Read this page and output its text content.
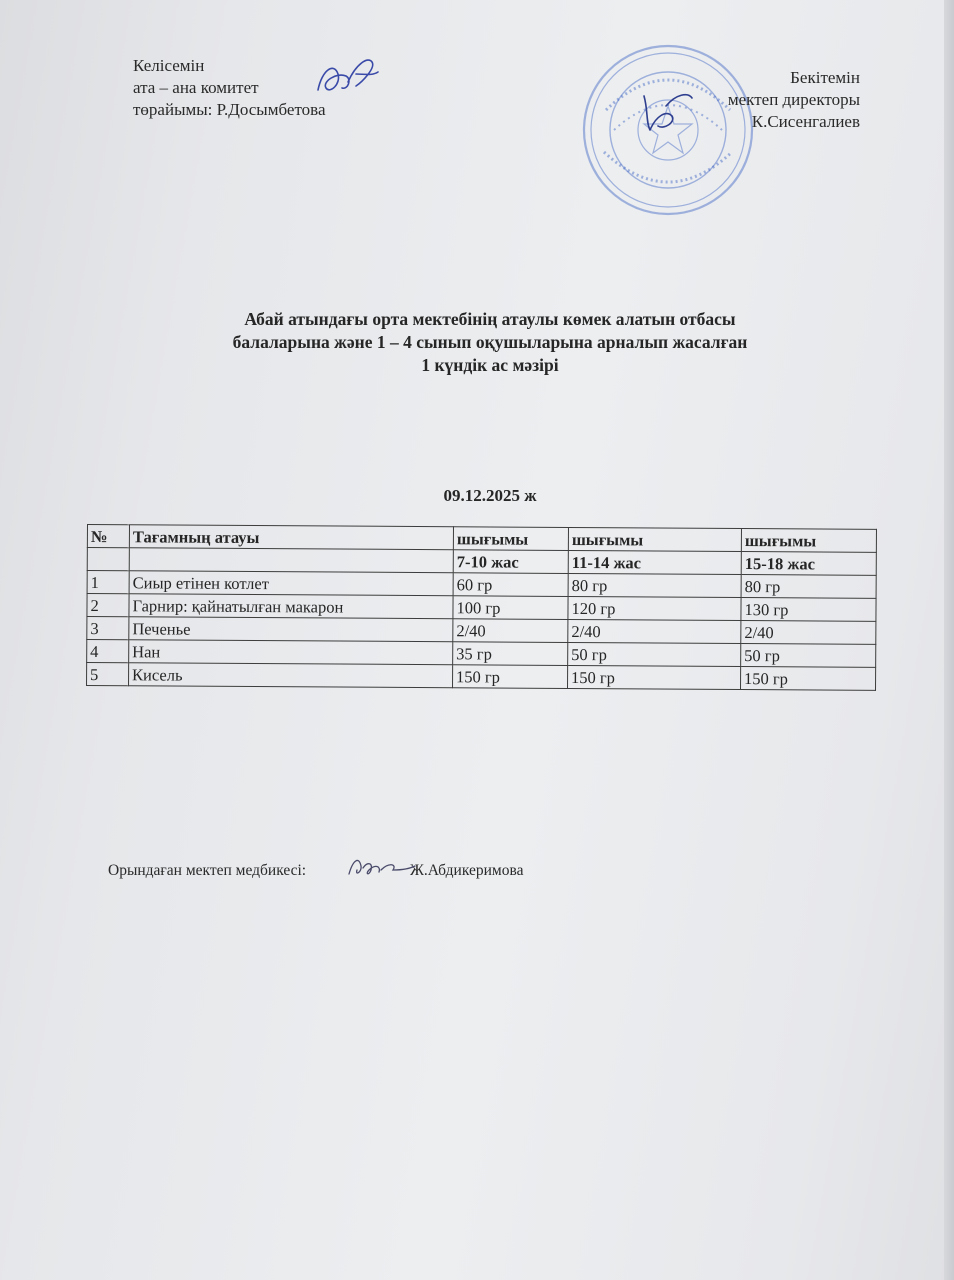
Келісемін
ата – ана комитет
төрайымы: Р.Досымбетова
Бекітемін
мектеп директоры
К.Сисенгалиев
Абай атындағы орта мектебінің атаулы көмек алатын отбасы
балаларына және 1 – 4 сынып оқушыларына арналып жасалған
1 күндік ас мәзірі
09.12.2025 ж
№	Тағамның атауы	шығымы	шығымы	шығымы
		7-10 жас	11-14 жас	15-18 жас
1	Сиыр етінен котлет	60 гр	80 гр	80 гр
2	Гарнир: қайнатылған макарон	100 гр	120 гр	130 гр
3	Печенье	2/40	2/40	2/40
4	Нан	35 гр	50 гр	50 гр
5	Кисель	150 гр	150 гр	150 гр
Орындаған мектеп медбикесі:	Ж.Абдикеримова
